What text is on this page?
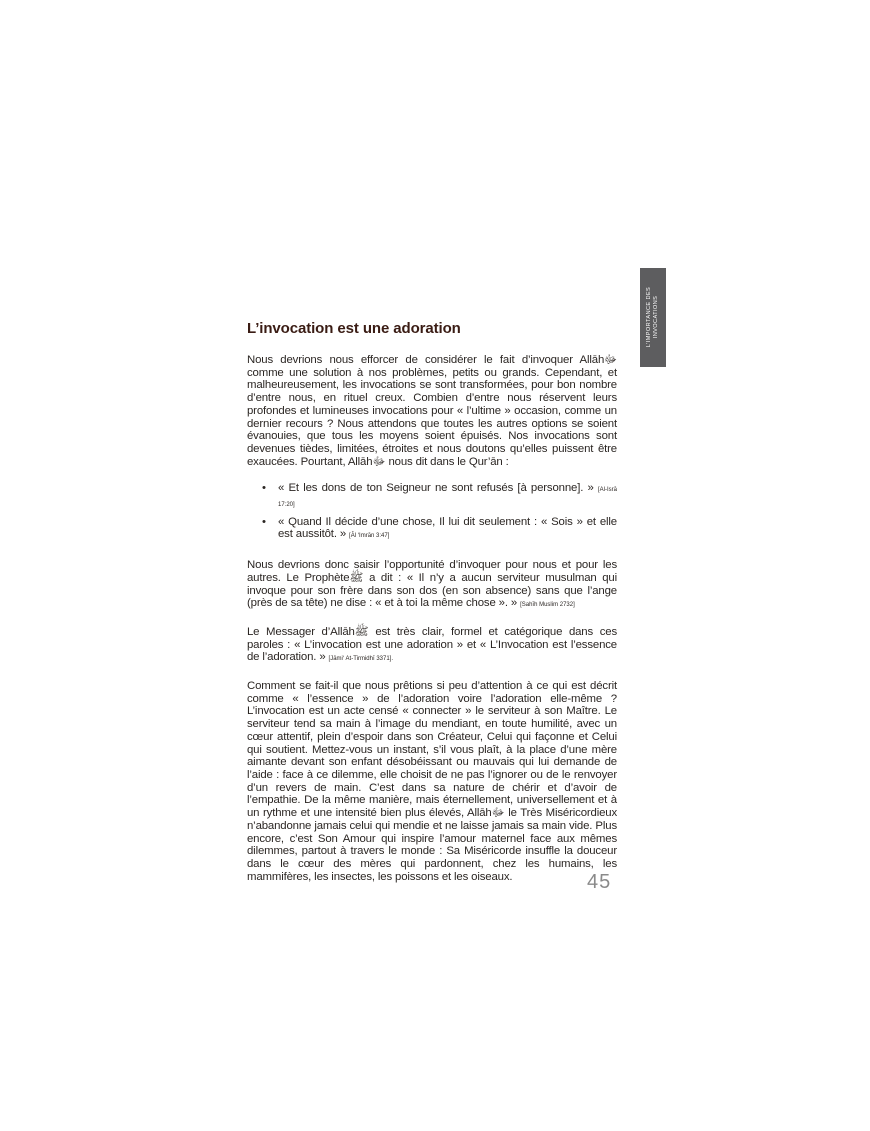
L'IMPORTANCE DES INVOCATIONS
L’invocation est une adoration

Nous devrions nous efforcer de considérer le fait d’invoquer Allāhﷻ comme une solution à nos problèmes, petits ou grands. Cependant, et malheureusement, les invocations se sont transformées, pour bon nombre d’entre nous, en rituel creux. Combien d’entre nous réservent leurs profondes et lumineuses invocations pour « l’ultime » occasion, comme un dernier recours ? Nous attendons que toutes les autres options se soient évanouies, que tous les moyens soient épuisés. Nos invocations sont devenues tièdes, limitées, étroites et nous doutons qu’elles puissent être exaucées. Pourtant, Allāhﷻ nous dit dans le Qur’ān :

• « Et les dons de ton Seigneur ne sont refusés [à personne]. » [Al-Isrā 17:20]
• « Quand Il décide d’une chose, Il lui dit seulement : « Sois » et elle est aussitôt. » [Āl ‘Imrān 3:47]

Nous devrions donc saisir l’opportunité d’invoquer pour nous et pour les autres. Le Prophèteﷺ a dit : « Il n’y a aucun serviteur musulman qui invoque pour son frère dans son dos (en son absence) sans que l’ange (près de sa tête) ne dise : « et à toi la même chose ». » [Sahīh Muslim 2732]

Le Messager d’Allāhﷺ est très clair, formel et catégorique dans ces paroles : « L’invocation est une adoration » et « L’Invocation est l’essence de l’adoration. » [Jāmi‘ At-Tirmidhī 3371].

Comment se fait-il que nous prêtions si peu d’attention à ce qui est décrit comme « l’essence » de l’adoration voire l’adoration elle-même ? L’invocation est un acte censé « connecter » le serviteur à son Maître. Le serviteur tend sa main à l’image du mendiant, en toute humilité, avec un cœur attentif, plein d’espoir dans son Créateur, Celui qui façonne et Celui qui soutient. Mettez-vous un instant, s’il vous plaît, à la place d’une mère aimante devant son enfant désobéissant ou mauvais qui lui demande de l’aide : face à ce dilemme, elle choisit de ne pas l’ignorer ou de le renvoyer d’un revers de main. C’est dans sa nature de chérir et d’avoir de l’empathie. De la même manière, mais éternellement, universellement et à un rythme et une intensité bien plus élevés, Allāhﷻ le Très Miséricordieux n’abandonne jamais celui qui mendie et ne laisse jamais sa main vide. Plus encore, c’est Son Amour qui inspire l’amour maternel face aux mêmes dilemmes, partout à travers le monde : Sa Miséricorde insuffle la douceur dans le cœur des mères qui pardonnent, chez les humains, les mammifères, les insectes, les poissons et les oiseaux.	45
